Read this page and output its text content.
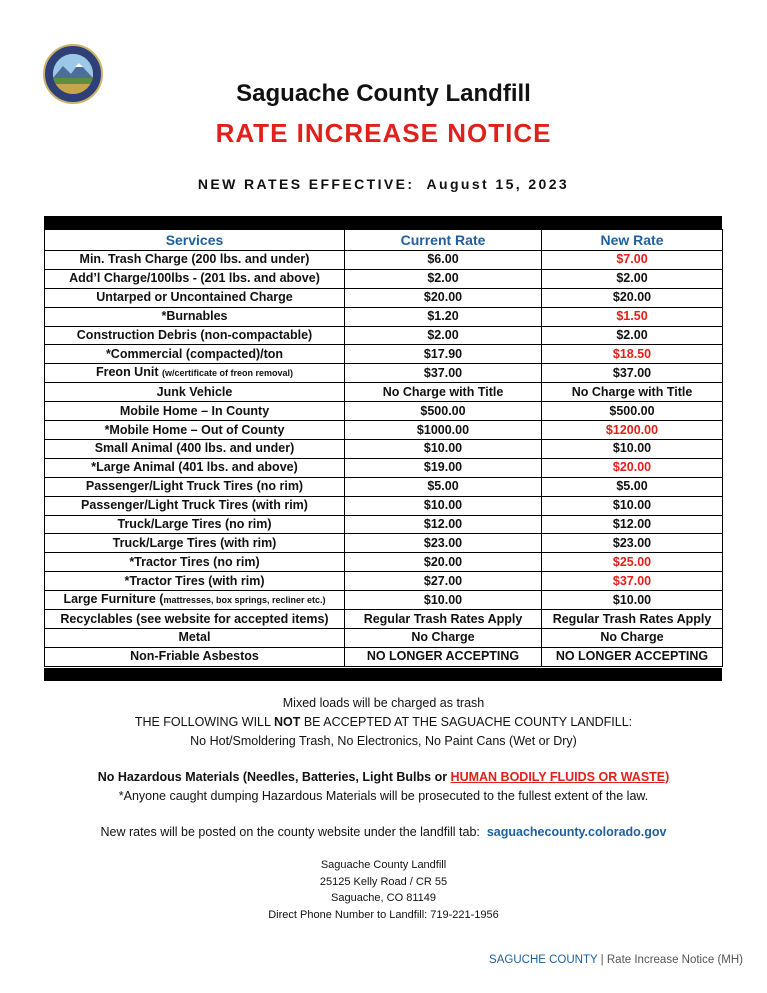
Saguache County Landfill
RATE INCREASE NOTICE
NEW RATES EFFECTIVE: August 15, 2023
Services	Current Rate	New Rate
Min. Trash Charge (200 lbs. and under)	$6.00	$7.00
Add’l Charge/100lbs - (201 lbs. and above)	$2.00	$2.00
Untarped or Uncontained Charge	$20.00	$20.00
*Burnables	$1.20	$1.50
Construction Debris (non-compactable)	$2.00	$2.00
*Commercial (compacted)/ton	$17.90	$18.50
Freon Unit (w/certificate of freon removal)	$37.00	$37.00
Junk Vehicle	No Charge with Title	No Charge with Title
Mobile Home – In County	$500.00	$500.00
*Mobile Home – Out of County	$1000.00	$1200.00
Small Animal (400 lbs. and under)	$10.00	$10.00
*Large Animal (401 lbs. and above)	$19.00	$20.00
Passenger/Light Truck Tires (no rim)	$5.00	$5.00
Passenger/Light Truck Tires (with rim)	$10.00	$10.00
Truck/Large Tires (no rim)	$12.00	$12.00
Truck/Large Tires (with rim)	$23.00	$23.00
*Tractor Tires (no rim)	$20.00	$25.00
*Tractor Tires (with rim)	$27.00	$37.00
Large Furniture (mattresses, box springs, recliner etc.)	$10.00	$10.00
Recyclables (see website for accepted items)	Regular Trash Rates Apply	Regular Trash Rates Apply
Metal	No Charge	No Charge
Non-Friable Asbestos	NO LONGER ACCEPTING	NO LONGER ACCEPTING
Mixed loads will be charged as trash
THE FOLLOWING WILL NOT BE ACCEPTED AT THE SAGUACHE COUNTY LANDFILL:
No Hot/Smoldering Trash, No Electronics, No Paint Cans (Wet or Dry)
No Hazardous Materials (Needles, Batteries, Light Bulbs or HUMAN BODILY FLUIDS OR WASTE)
*Anyone caught dumping Hazardous Materials will be prosecuted to the fullest extent of the law.
New rates will be posted on the county website under the landfill tab: saguachecounty.colorado.gov
Saguache County Landfill
25125 Kelly Road / CR 55
Saguache, CO 81149
Direct Phone Number to Landfill: 719-221-1956
SAGUCHE COUNTY | Rate Increase Notice (MH)
